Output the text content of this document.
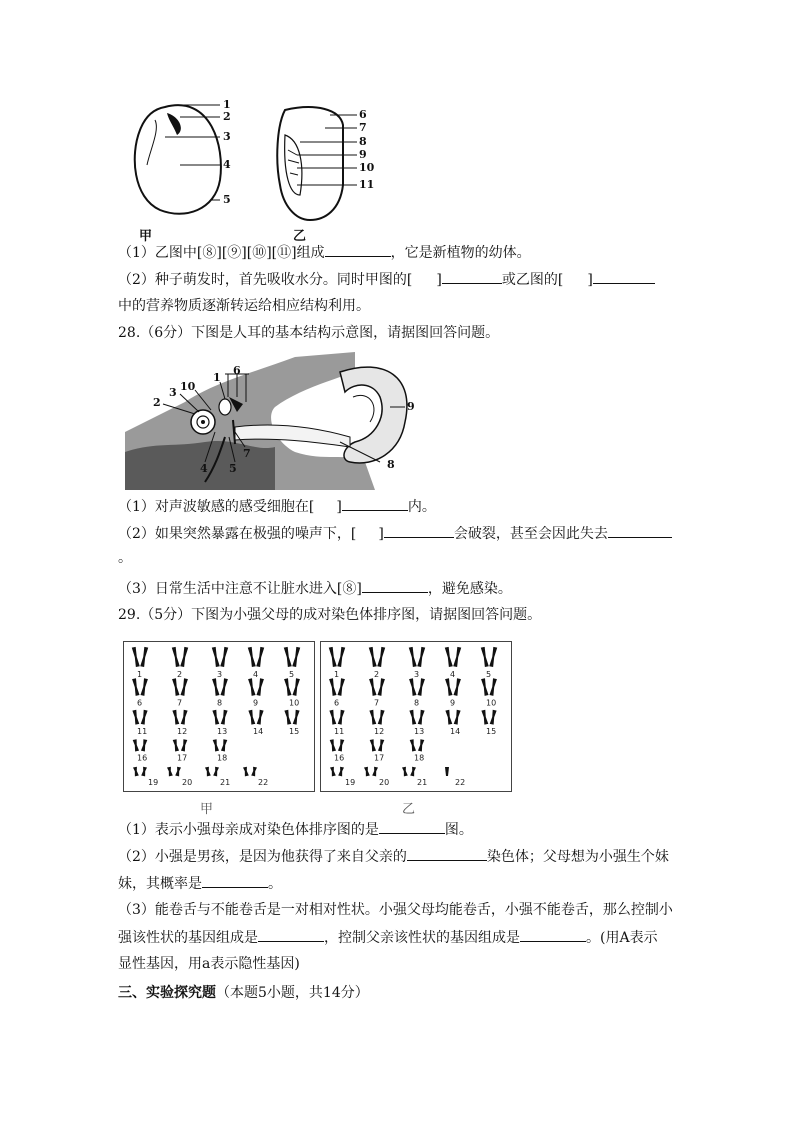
1
2
3
4
5
6
7
8
9
10
11
甲	乙
（1）乙图中[⑧][⑨][⑩][⑪]组成	，它是新植物的幼体。
（2）种子萌发时，首先吸收水分。同时甲图的[ ]	或乙图的[ ]
中的营养物质逐渐转运给相应结构利用。
28.（6分）下图是人耳的基本结构示意图，请据图回答问题。
2
3 10
1
6
4 5
7
8
9
（1）对声波敏感的感受细胞在[ ]	内。
（2）如果突然暴露在极强的噪声下，[ ]	会破裂，甚至会因此失去
。
（3）日常生活中注意不让脏水进入[⑧]	，避免感染。
29.（5分）下图为小强父母的成对染色体排序图，请据图回答问题。
1	2	3	4	5
6	7	8	9	10
11	12	13	14	15
16	17	18
19	20	21	22
1	2	3	4	5
6	7	8	9	10
11	12	13	14	15
16	17	18
19	20	21	22
甲	乙
（1）表示小强母亲成对染色体排序图的是	图。
（2）小强是男孩，是因为他获得了来自父亲的	染色体；父母想为小强生个妹
妹，其概率是	。
（3）能卷舌与不能卷舌是一对相对性状。小强父母均能卷舌，小强不能卷舌，那么控制小
强该性状的基因组成是	，控制父亲该性状的基因组成是	。(用A表示
显性基因，用a表示隐性基因)
三、实验探究题（本题5小题，共14分）
